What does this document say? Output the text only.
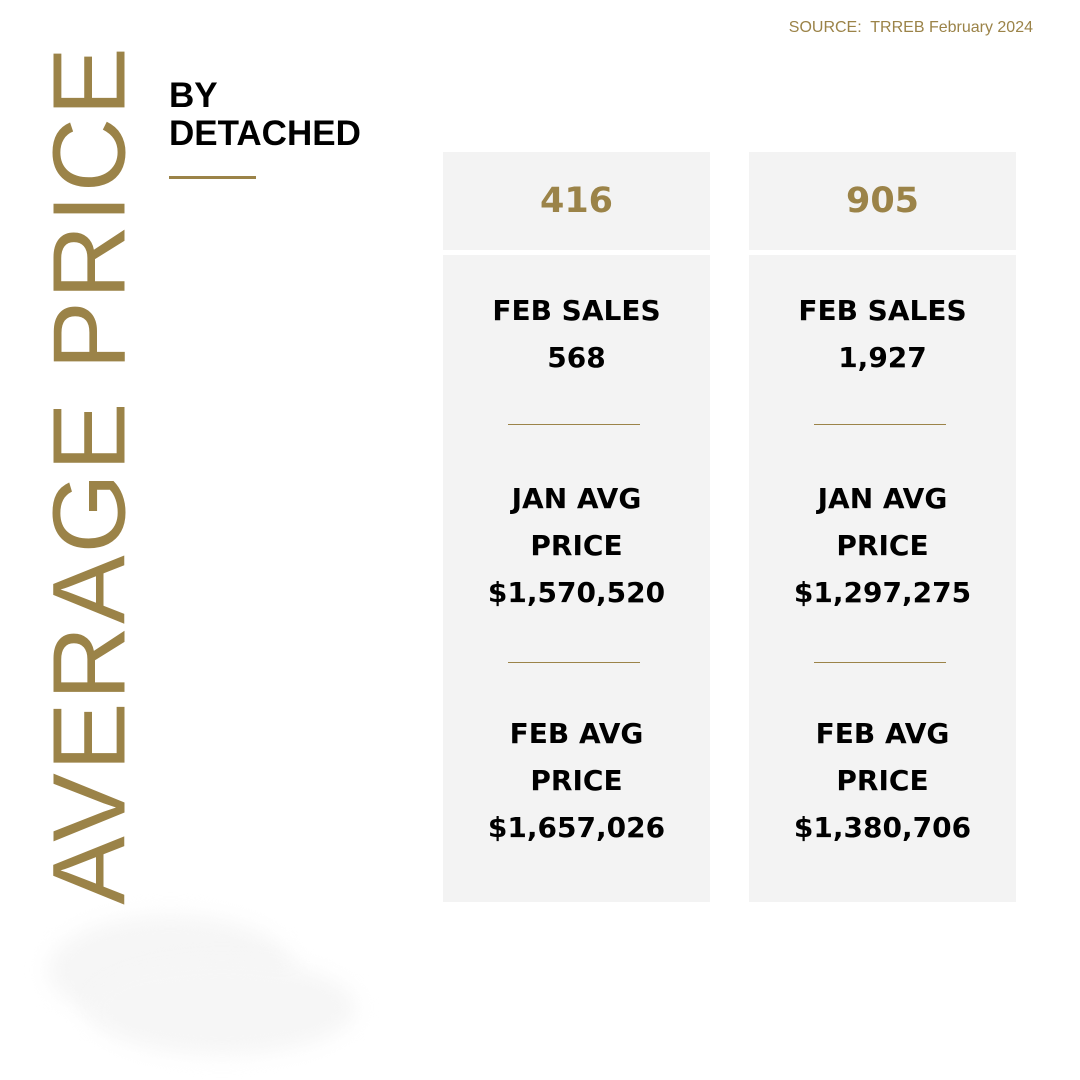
SOURCE:  TRREB February 2024
AVERAGE PRICE BY
DETACHED
416
FEB SALES
568
JAN AVG
PRICE
$1,570,520
FEB AVG
PRICE
$1,657,026
905
FEB SALES
1,927
JAN AVG
PRICE
$1,297,275
FEB AVG
PRICE
$1,380,706
